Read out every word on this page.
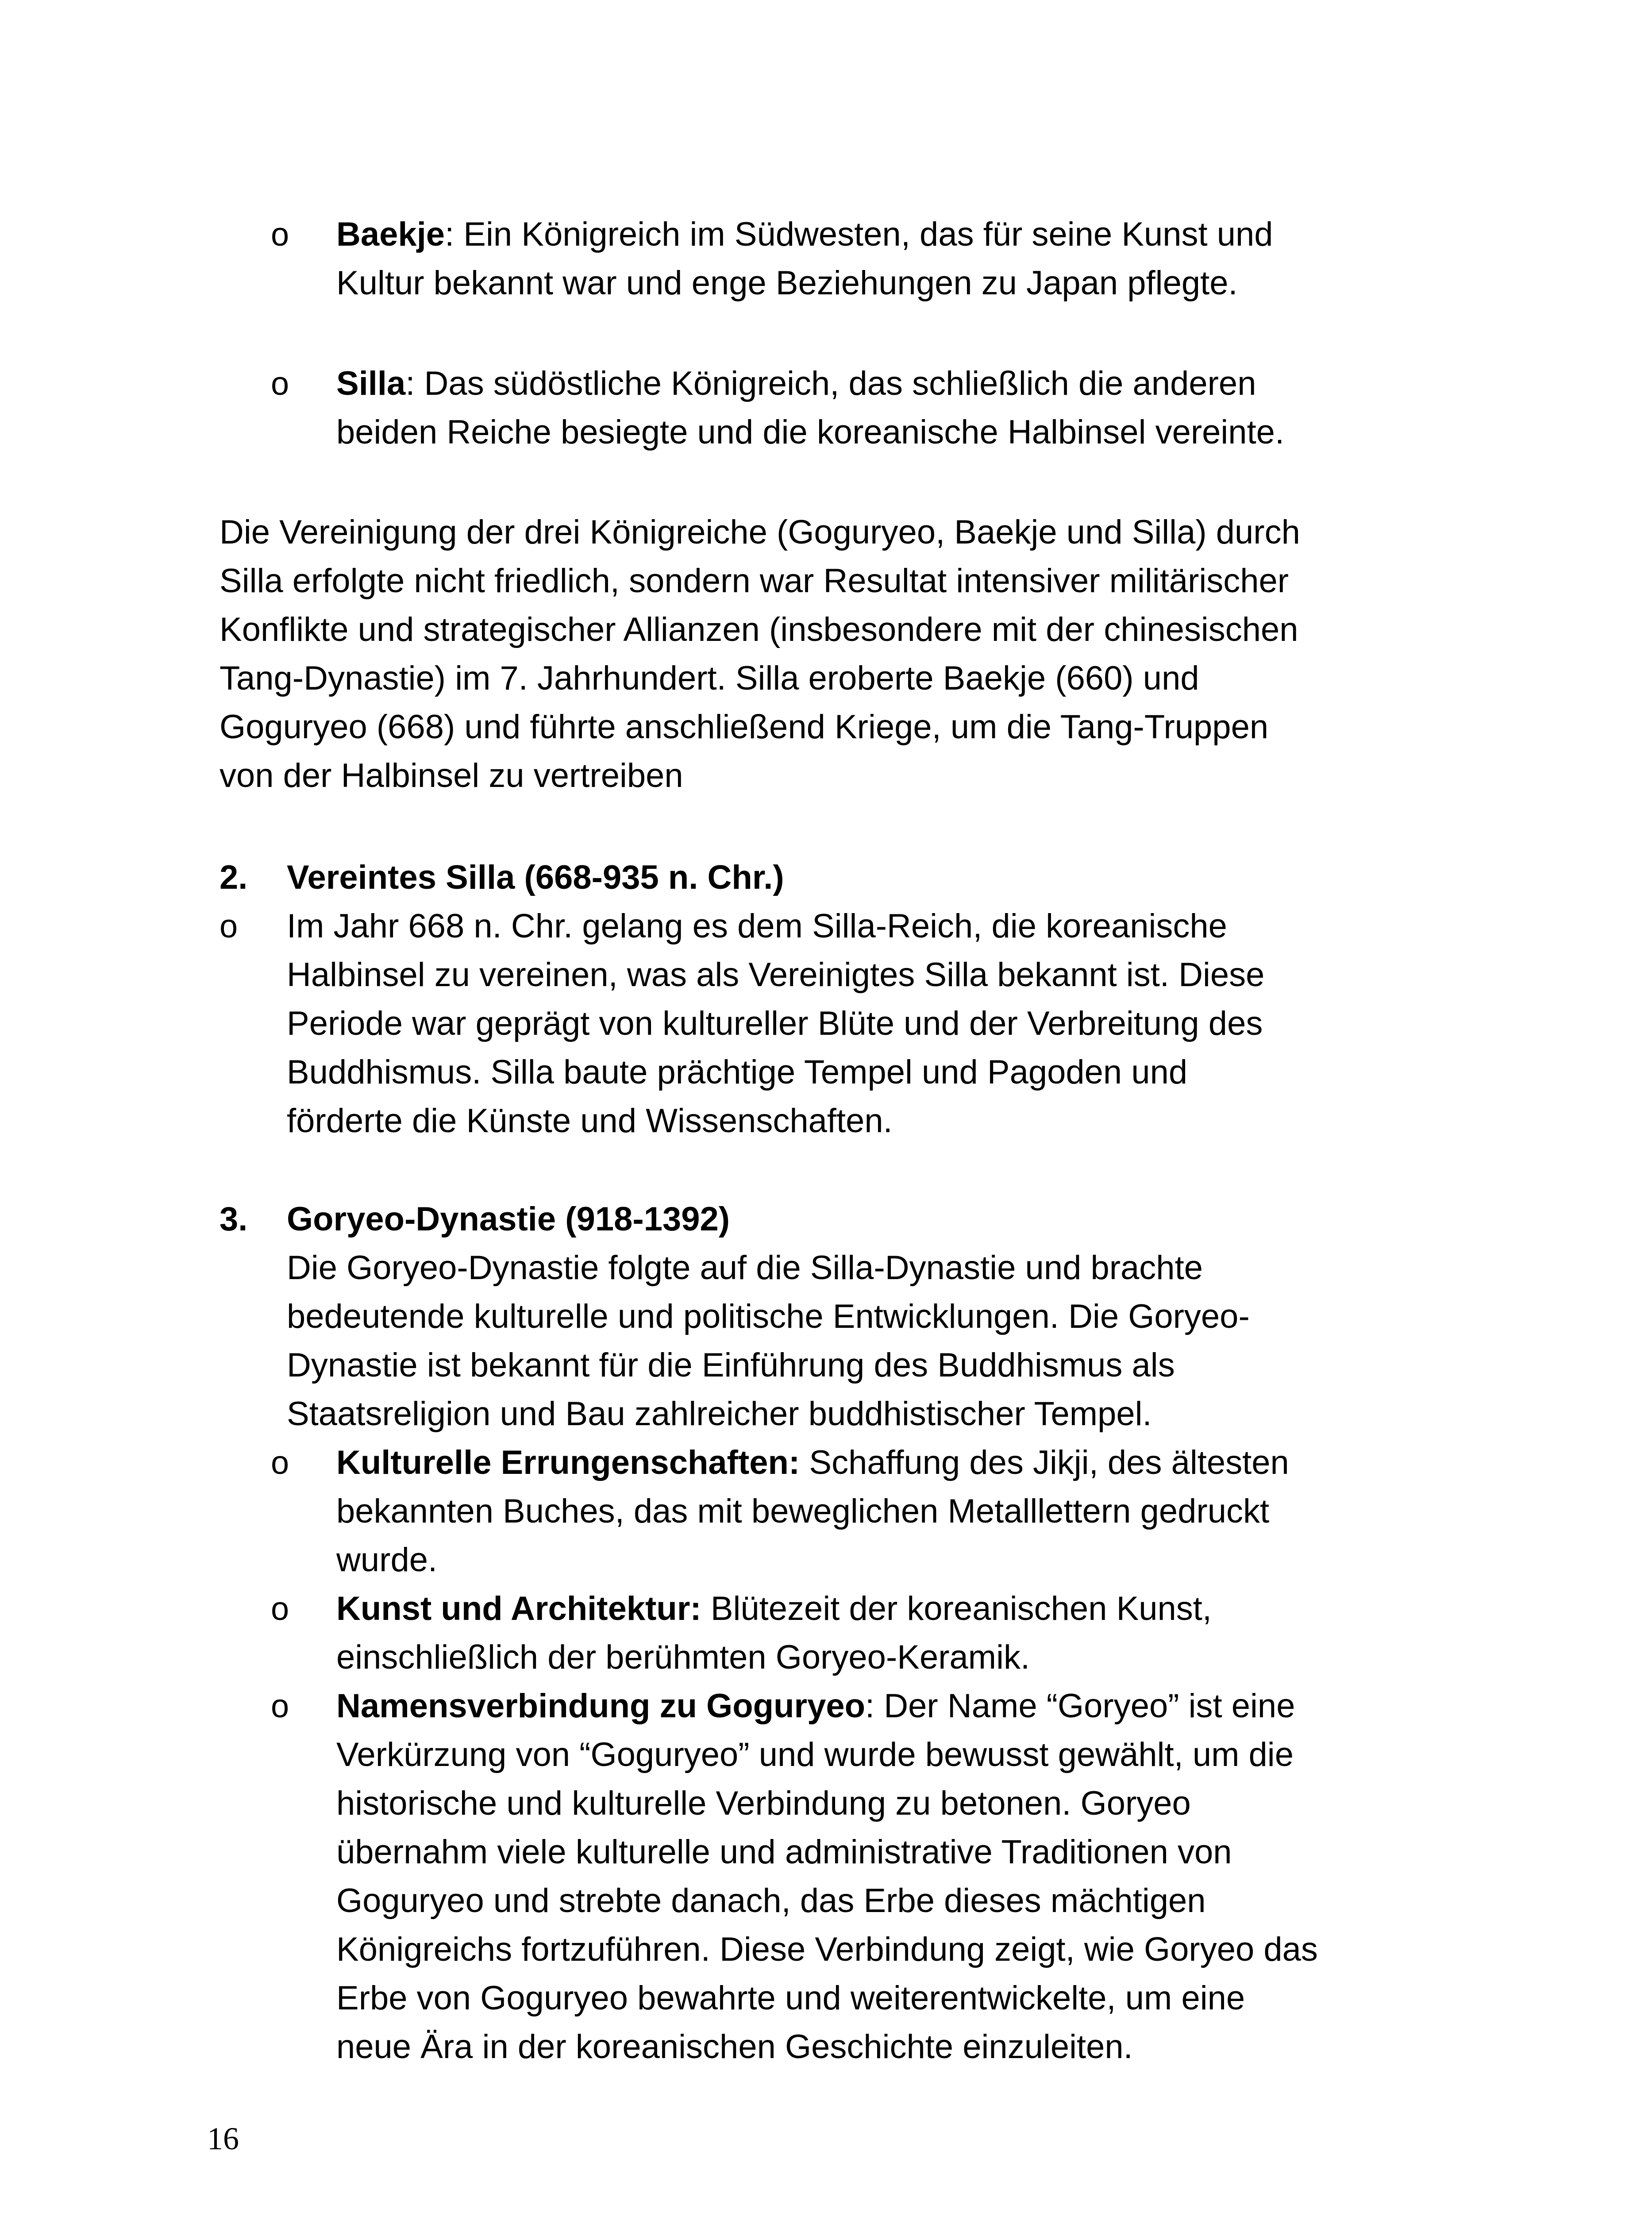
o Baekje: Ein Königreich im Südwesten, das für seine Kunst und
Kultur bekannt war und enge Beziehungen zu Japan pflegte.
o Silla: Das südöstliche Königreich, das schließlich die anderen
beiden Reiche besiegte und die koreanische Halbinsel vereinte.
Die Vereinigung der drei Königreiche (Goguryeo, Baekje und Silla) durch
Silla erfolgte nicht friedlich, sondern war Resultat intensiver militärischer
Konflikte und strategischer Allianzen (insbesondere mit der chinesischen
Tang-Dynastie) im 7. Jahrhundert. Silla eroberte Baekje (660) und
Goguryeo (668) und führte anschließend Kriege, um die Tang-Truppen
von der Halbinsel zu vertreiben
2. Vereintes Silla (668-935 n. Chr.)
o Im Jahr 668 n. Chr. gelang es dem Silla-Reich, die koreanische
Halbinsel zu vereinen, was als Vereinigtes Silla bekannt ist. Diese
Periode war geprägt von kultureller Blüte und der Verbreitung des
Buddhismus. Silla baute prächtige Tempel und Pagoden und
förderte die Künste und Wissenschaften.
3. Goryeo-Dynastie (918-1392)
Die Goryeo-Dynastie folgte auf die Silla-Dynastie und brachte
bedeutende kulturelle und politische Entwicklungen. Die Goryeo-
Dynastie ist bekannt für die Einführung des Buddhismus als
Staatsreligion und Bau zahlreicher buddhistischer Tempel.
o Kulturelle Errungenschaften: Schaffung des Jikji, des ältesten
bekannten Buches, das mit beweglichen Metalllettern gedruckt
wurde.
o Kunst und Architektur: Blütezeit der koreanischen Kunst,
einschließlich der berühmten Goryeo-Keramik.
o Namensverbindung zu Goguryeo: Der Name “Goryeo” ist eine
Verkürzung von “Goguryeo” und wurde bewusst gewählt, um die
historische und kulturelle Verbindung zu betonen. Goryeo
übernahm viele kulturelle und administrative Traditionen von
Goguryeo und strebte danach, das Erbe dieses mächtigen
Königreichs fortzuführen. Diese Verbindung zeigt, wie Goryeo das
Erbe von Goguryeo bewahrte und weiterentwickelte, um eine
neue Ära in der koreanischen Geschichte einzuleiten.
16
